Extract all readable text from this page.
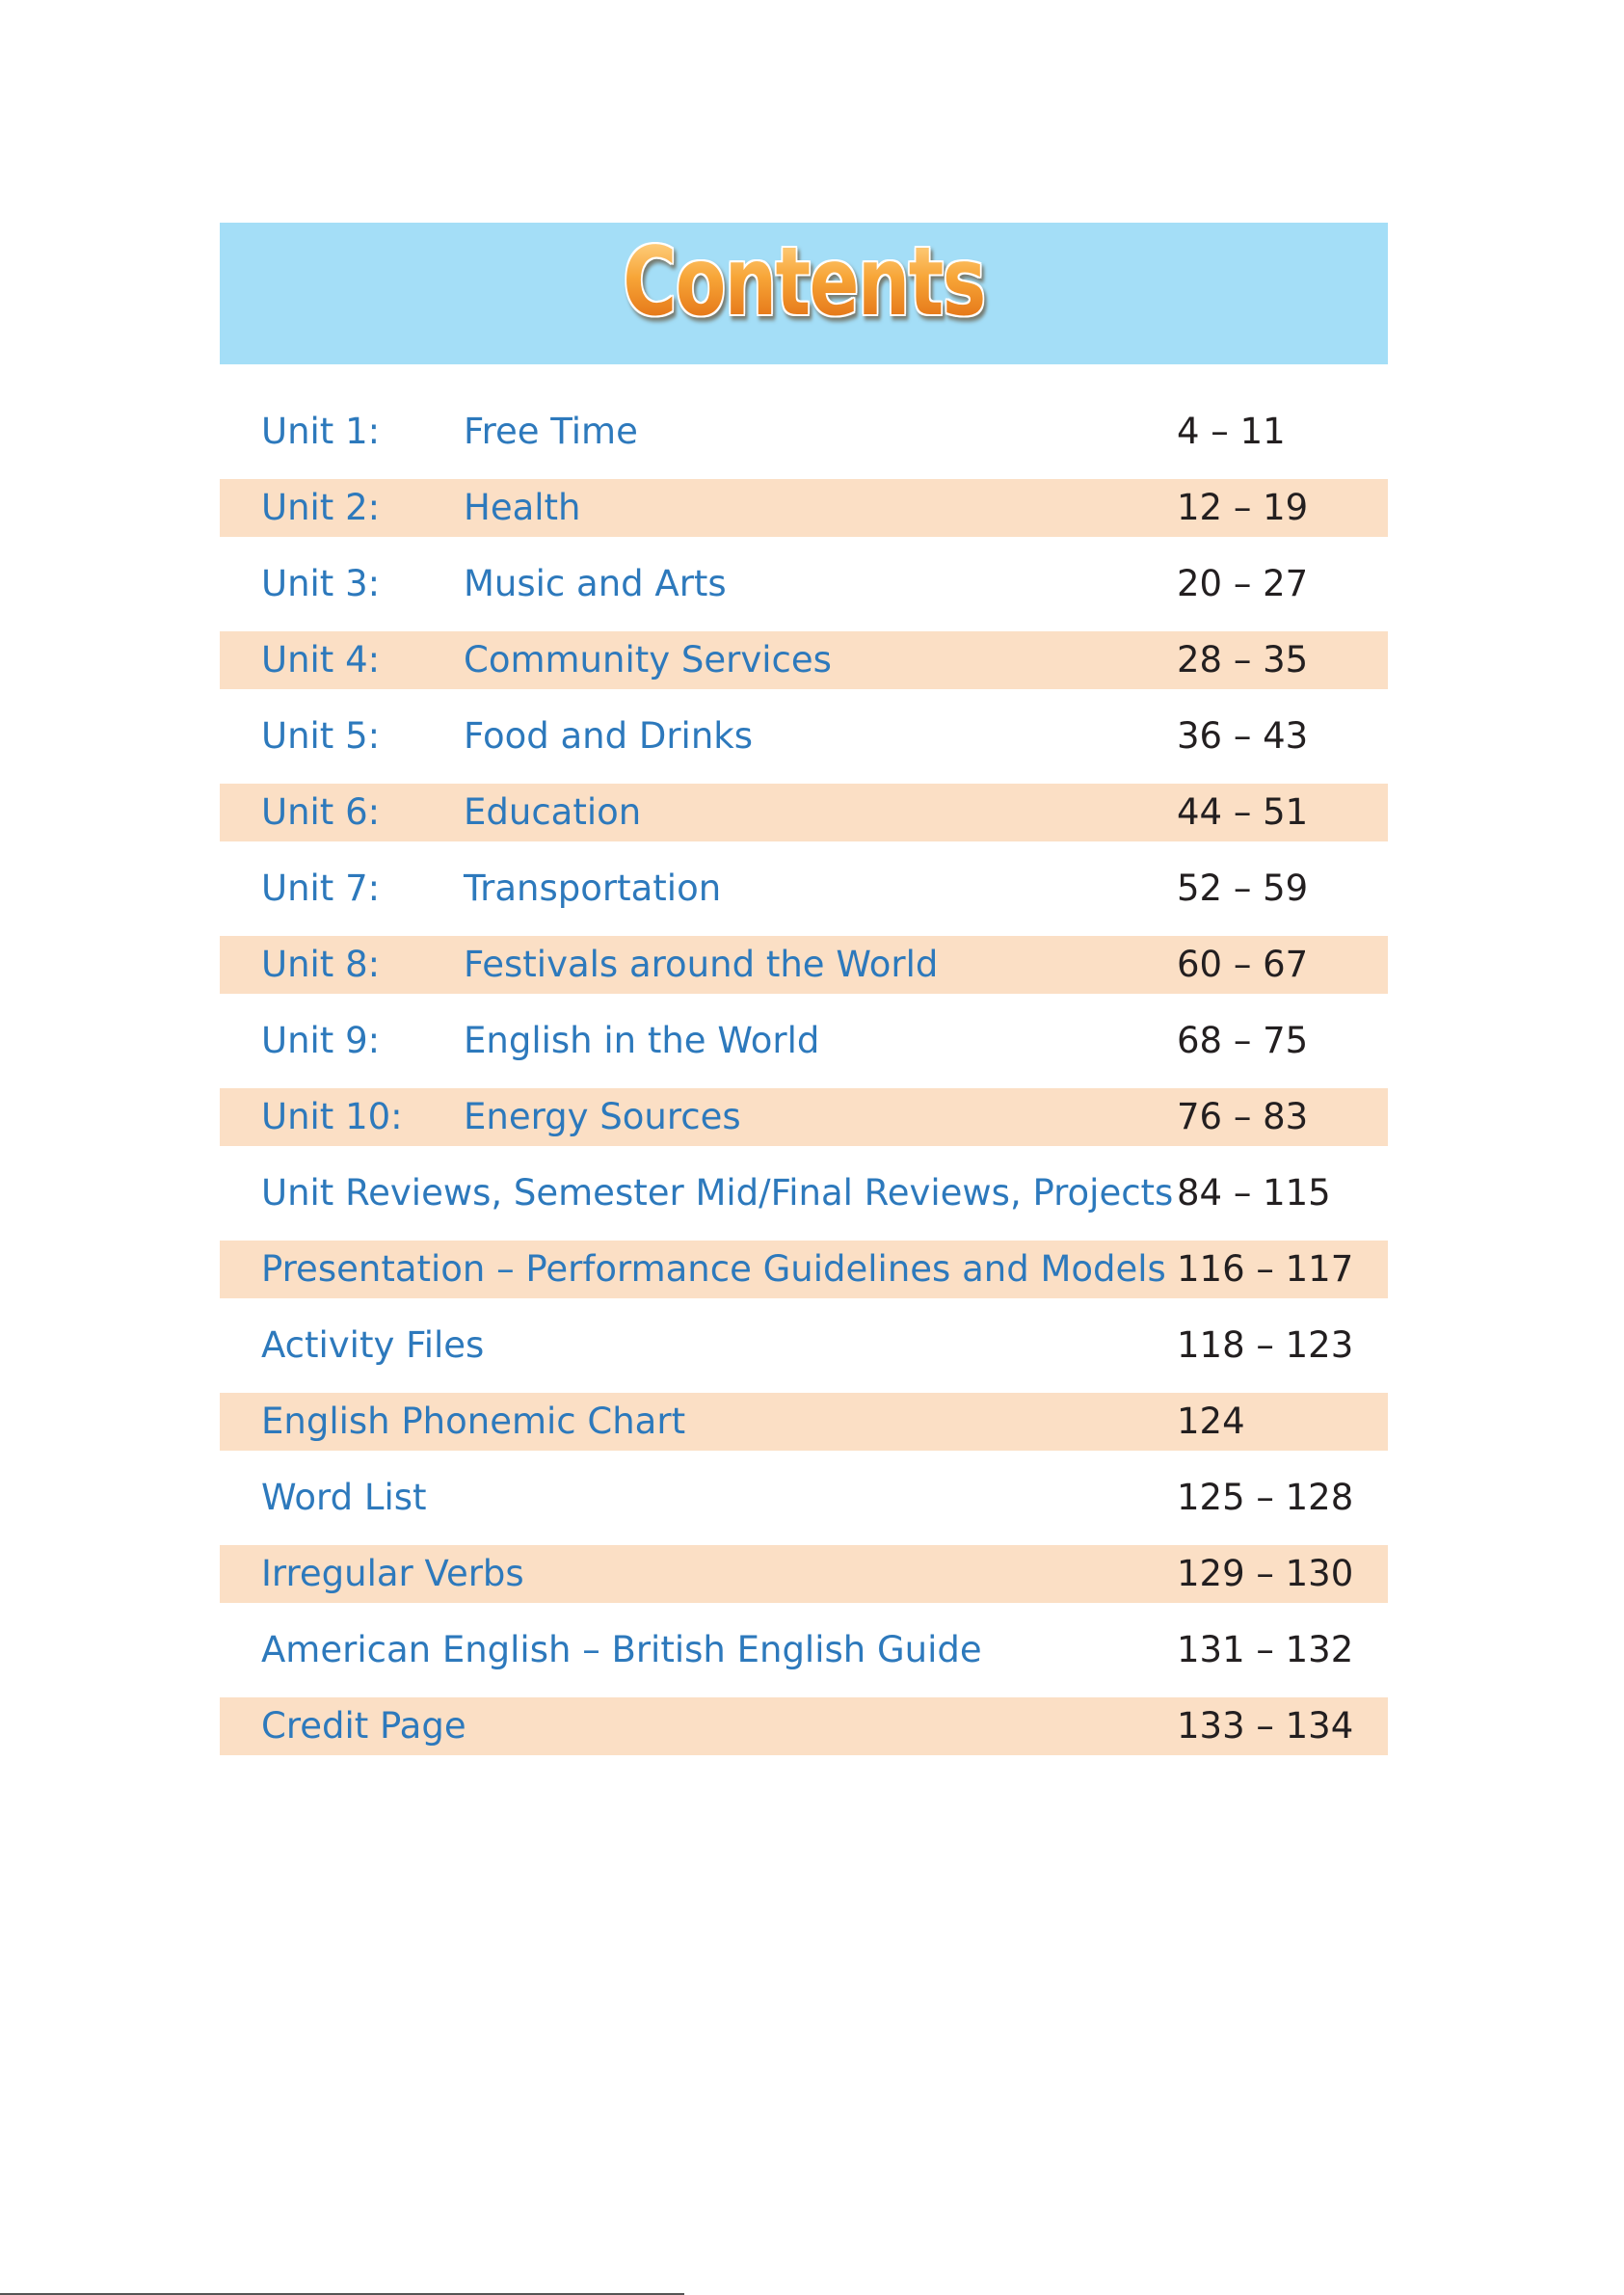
Contents
Unit 1: Free Time	4 – 11
Unit 2: Health	12 – 19
Unit 3: Music and Arts	20 – 27
Unit 4: Community Services	28 – 35
Unit 5: Food and Drinks	36 – 43
Unit 6: Education	44 – 51
Unit 7: Transportation	52 – 59
Unit 8: Festivals around the World	60 – 67
Unit 9: English in the World	68 – 75
Unit 10: Energy Sources	76 – 83
Unit Reviews, Semester Mid/Final Reviews, Projects 84 – 115
Presentation – Performance Guidelines and Models 116 – 117
Activity Files	118 – 123
English Phonemic Chart	124
Word List	125 – 128
Irregular Verbs	129 – 130
American English – British English Guide	131 – 132
Credit Page	133 – 134
